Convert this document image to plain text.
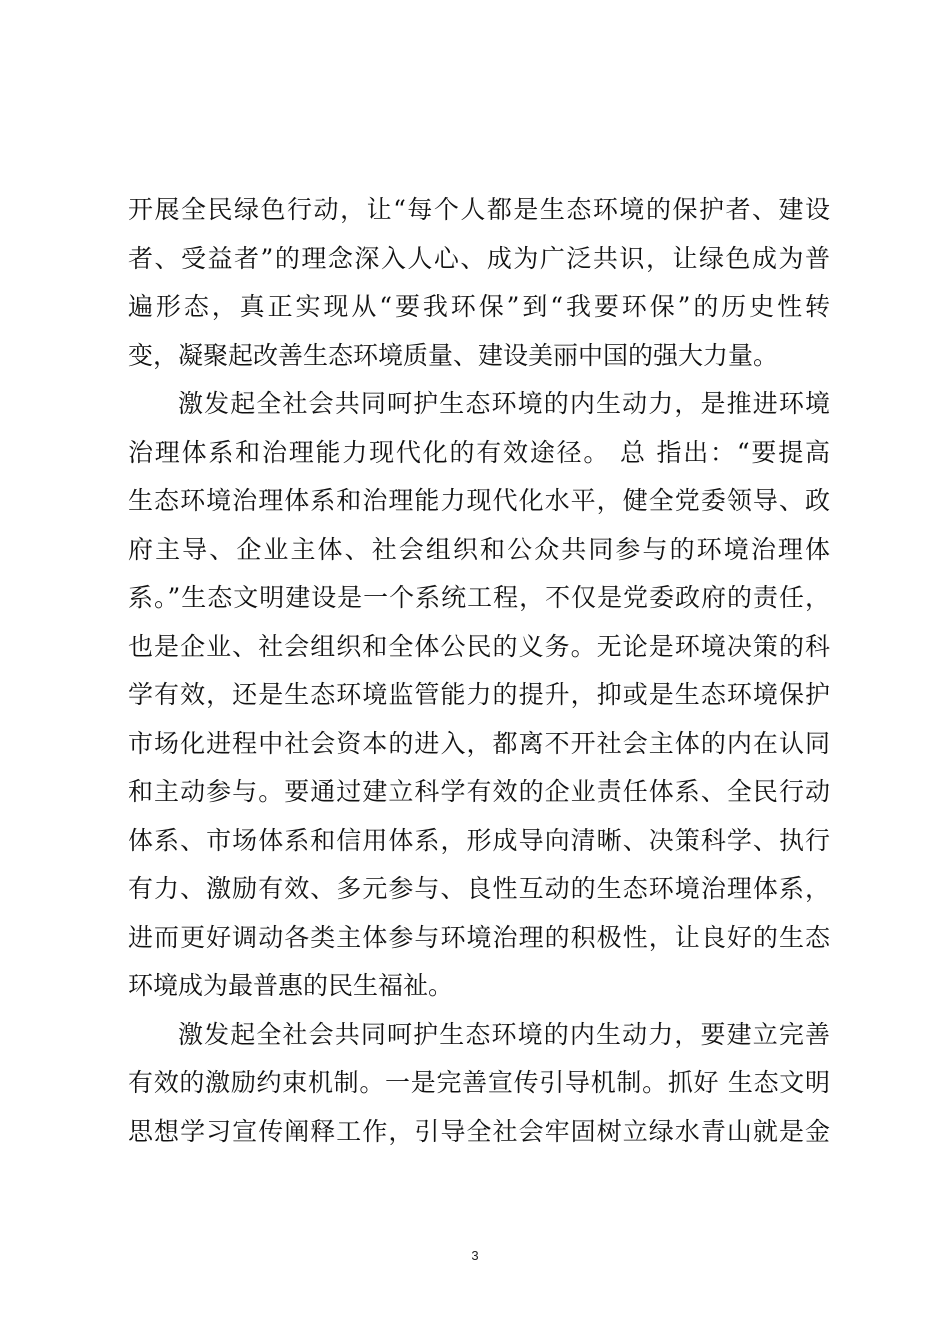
开展全民绿色行动，让“每个人都是生态环境的保护者、建设
者、受益者”的理念深入人心、成为广泛共识，让绿色成为普
遍形态，真正实现从“要我环保”到“我要环保”的历史性转
变，凝聚起改善生态环境质量、建设美丽中国的强大力量。
激发起全社会共同呵护生态环境的内生动力，是推进环境
治理体系和治理能力现代化的有效途径。 总 指出：“要提高
生态环境治理体系和治理能力现代化水平，健全党委领导、政
府主导、企业主体、社会组织和公众共同参与的环境治理体
系。”生态文明建设是一个系统工程，不仅是党委政府的责任，
也是企业、社会组织和全体公民的义务。无论是环境决策的科
学有效，还是生态环境监管能力的提升，抑或是生态环境保护
市场化进程中社会资本的进入，都离不开社会主体的内在认同
和主动参与。要通过建立科学有效的企业责任体系、全民行动
体系、市场体系和信用体系，形成导向清晰、决策科学、执行
有力、激励有效、多元参与、良性互动的生态环境治理体系，
进而更好调动各类主体参与环境治理的积极性，让良好的生态
环境成为最普惠的民生福祉。
激发起全社会共同呵护生态环境的内生动力，要建立完善
有效的激励约束机制。一是完善宣传引导机制。抓好 生态文明
思想学习宣传阐释工作，引导全社会牢固树立绿水青山就是金
3
